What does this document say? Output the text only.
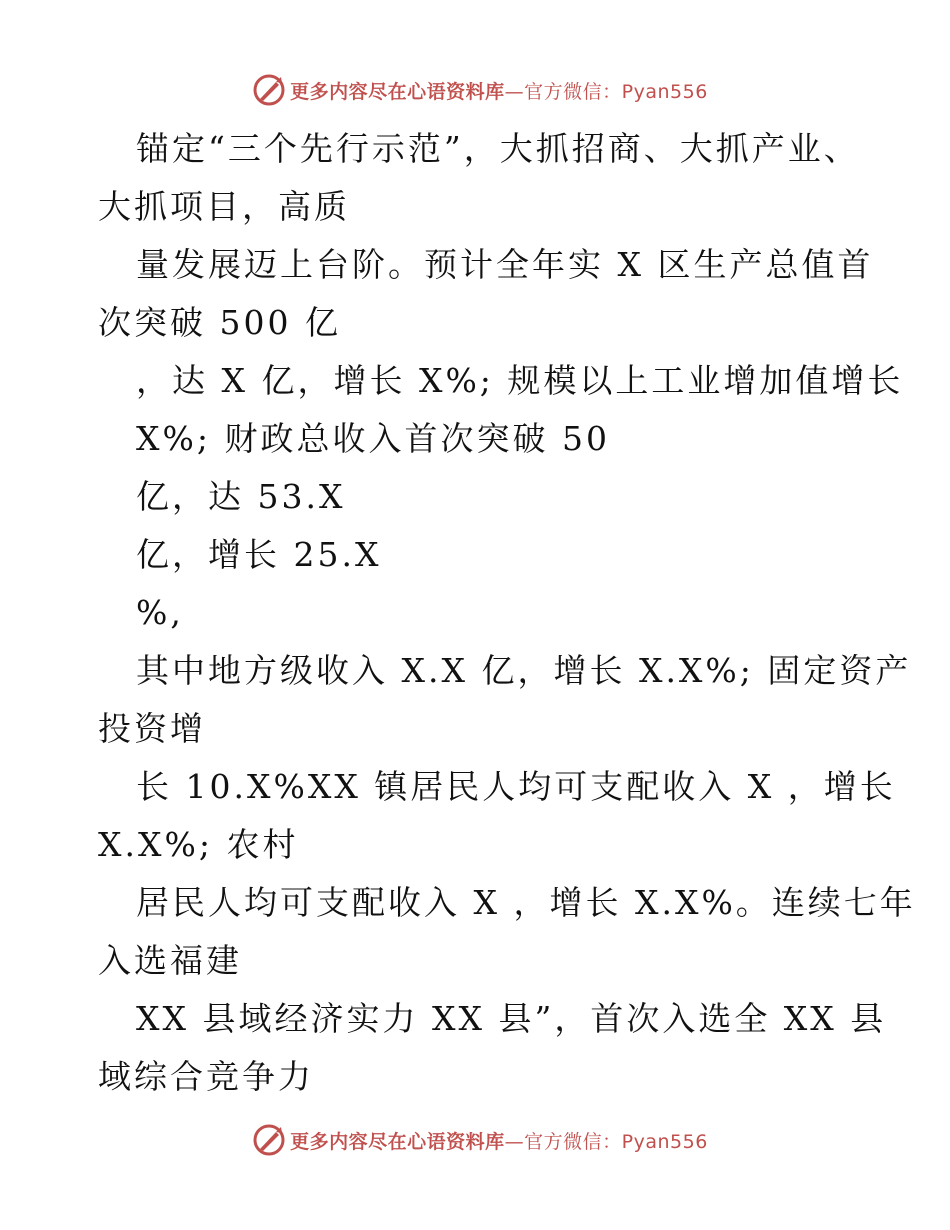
更多内容尽在心语资料库—官方微信：Pyan556
锚定“三个先行示范”，大抓招商、大抓产业、
大抓项目，高质
量发展迈上台阶。预计全年实 X 区生产总值首
次突破 500 亿
，达 X 亿，增长 X%; 规模以上工业增加值增长
X%; 财政总收入首次突破 50
亿，达 53.X
亿，增长 25.X
%,
其中地方级收入 X.X 亿，增长 X.X%; 固定资产
投资增
长 10.X%XX 镇居民人均可支配收入 X ，增长
X.X%; 农村
居民人均可支配收入 X ，增长 X.X%。连续七年
入选福建
XX 县域经济实力 XX 县”，首次入选全 XX 县
域综合竞争力
更多内容尽在心语资料库—官方微信：Pyan556
